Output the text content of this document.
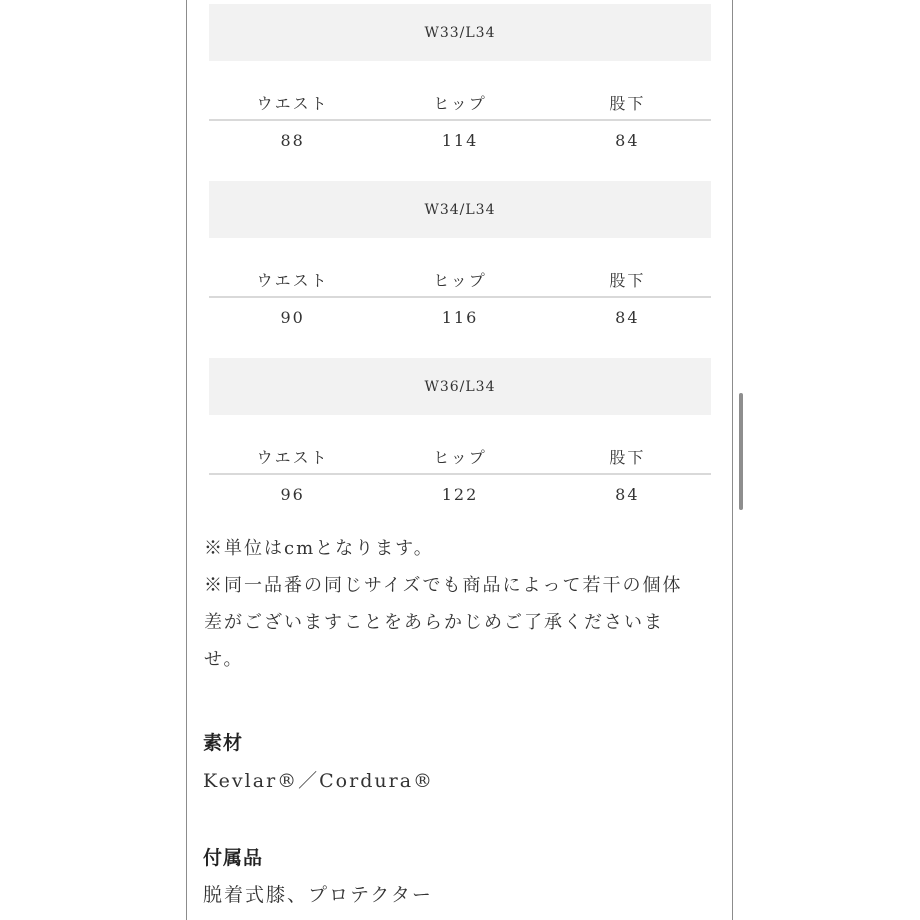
W33/L34
ウエスト	ヒップ	股下
88	114	84
W34/L34
ウエスト	ヒップ	股下
90	116	84
W36/L34
ウエスト	ヒップ	股下
96	122	84

※単位はcmとなります。

※同一品番の同じサイズでも商品によって若干の個体

差がございますことをあらかじめご了承くださいま

せ。

素材
Kevlar®／Cordura®
付属品
脱着式膝、プロテクター
